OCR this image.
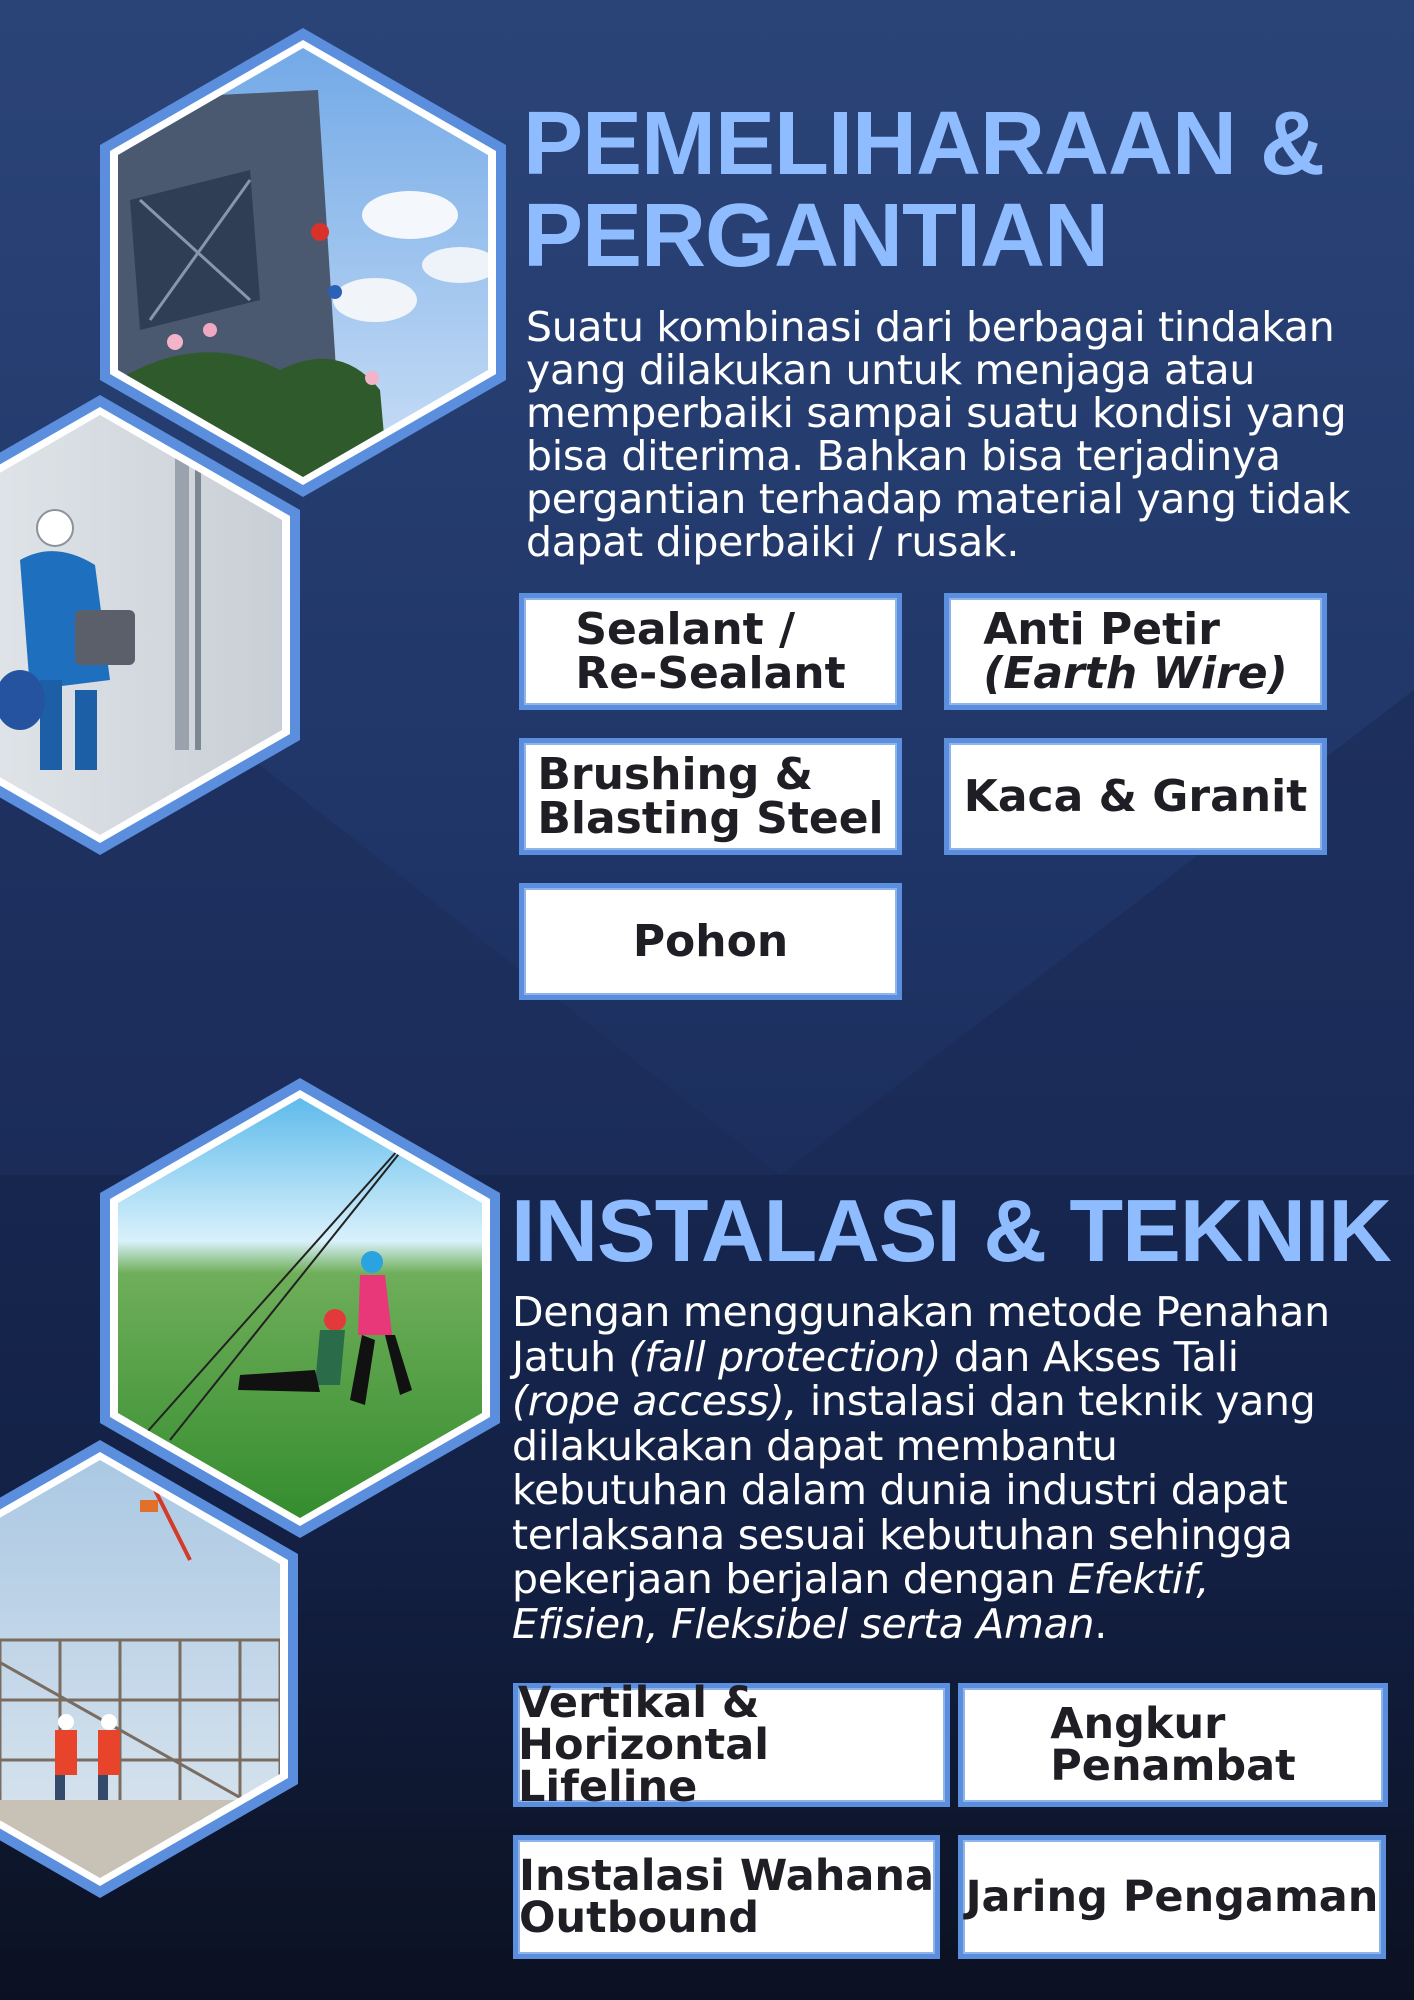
PEMELIHARAAN &
PERGANTIAN
Suatu kombinasi dari berbagai tindakan
yang dilakukan untuk menjaga atau
memperbaiki sampai suatu kondisi yang
bisa diterima. Bahkan bisa terjadinya
pergantian terhadap material yang tidak
dapat diperbaiki / rusak.
Sealant /
Re-Sealant
Anti Petir
(Earth Wire)
Brushing &
Blasting Steel Kaca & Granit
Pohon
INSTALASI & TEKNIK
Dengan menggunakan metode Penahan
Jatuh (fall protection) dan Akses Tali
(rope access), instalasi dan teknik yang
dilakukakan dapat membantu
kebutuhan dalam dunia industri dapat
terlaksana sesuai kebutuhan sehingga
pekerjaan berjalan dengan Efektif,
Efisien, Fleksibel serta Aman.
Vertikal &
Horizontal Lifeline
Angkur
Penambat
Instalasi Wahana
Outbound	Jaring Pengaman
